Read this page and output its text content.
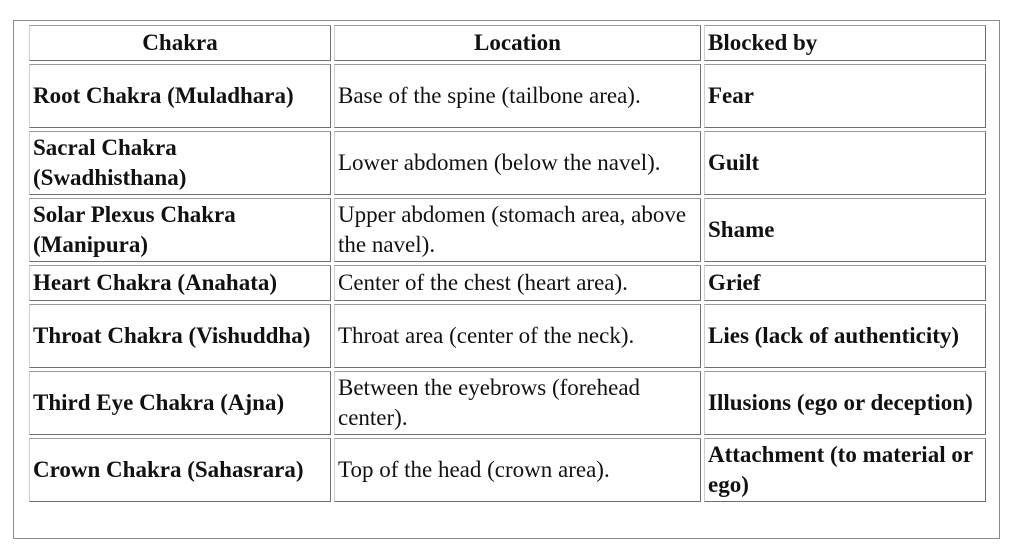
Chakra	Location	Blocked by
Root Chakra (Muladhara)	Base of the spine (tailbone area).	Fear
Sacral Chakra (Swadhisthana)	Lower abdomen (below the navel).	Guilt
Solar Plexus Chakra (Manipura)	Upper abdomen (stomach area, above the navel).	Shame
Heart Chakra (Anahata)	Center of the chest (heart area).	Grief
Throat Chakra (Vishuddha)	Throat area (center of the neck).	Lies (lack of authenticity)
Third Eye Chakra (Ajna)	Between the eyebrows (forehead center).	Illusions (ego or deception)
Crown Chakra (Sahasrara)	Top of the head (crown area).	Attachment (to material or ego)
